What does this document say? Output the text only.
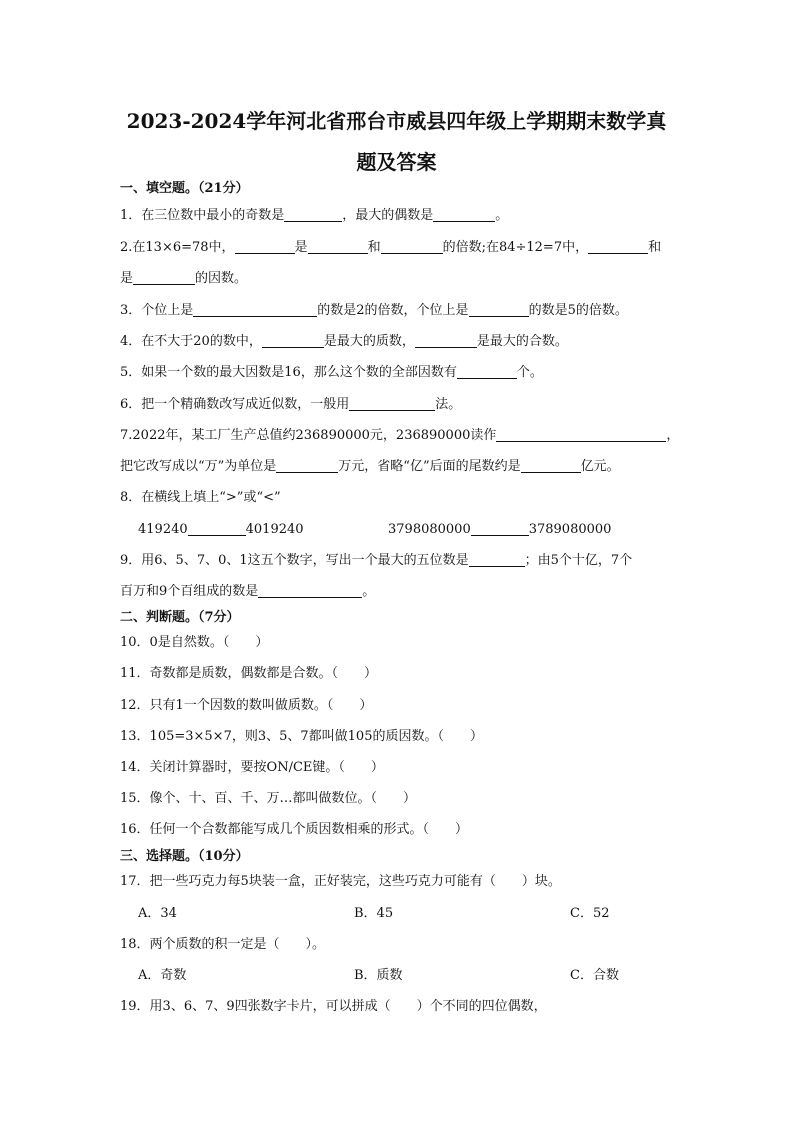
2023-2024学年河北省邢台市威县四年级上学期期末数学真
题及答案
一、填空题。（21分）
1．在三位数中最小的奇数是	，最大的偶数是	。
2.在13×6=78中，	是	和	的倍数;在84÷12=7中，	和
是	的因数。
3．个位上是	的数是2的倍数，个位上是	的数是5的倍数。
4．在不大于20的数中，	是最大的质数，	是最大的合数。
5．如果一个数的最大因数是16，那么这个数的全部因数有	个。
6．把一个精确数改写成近似数，一般用	法。
7.2022年，某工厂生产总值约236890000元，236890000读作	，
把它改写成以“万”为单位是	万元，省略“亿”后面的尾数约是	亿元。
8．在横线上填上“>”或“<”
419240	4019240	3798080000	3789080000
9．用6、5、7、0、1这五个数字，写出一个最大的五位数是	；由5个十亿，7个
百万和9个百组成的数是	。
二、判断题。（7分）
10．0是自然数。（　　）
11．奇数都是质数，偶数都是合数。（　　）
12．只有1一个因数的数叫做质数。（　　）
13．105=3×5×7，则3、5、7都叫做105的质因数。（　　）
14．关闭计算器时，要按ON/CE键。（　　）
15．像个、十、百、千、万…都叫做数位。（　　）
16．任何一个合数都能写成几个质因数相乘的形式。（　　）
三、选择题。（10分）
17．把一些巧克力每5块装一盒，正好装完，这些巧克力可能有（　　）块。
A．34	B．45	C．52
18．两个质数的积一定是（　　）。
A．奇数	B．质数	C．合数
19．用3、6、7、9四张数字卡片，可以拼成（　　）个不同的四位偶数，
